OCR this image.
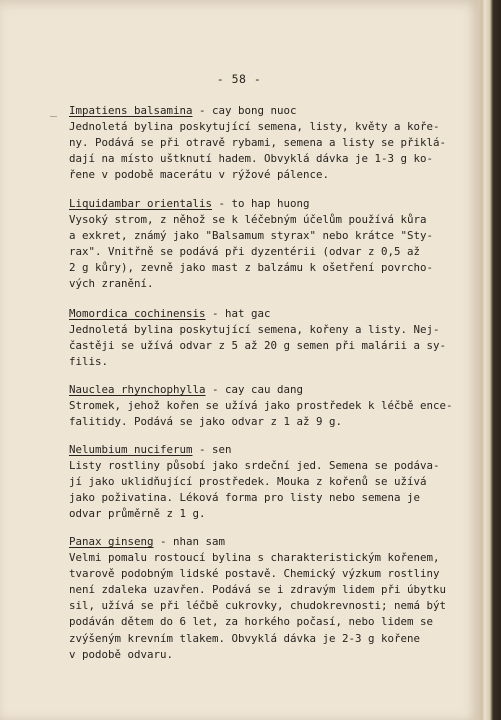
- 58 -
Impatiens balsamina - cay bong nuoc
Jednoletá bylina poskytující semena, listy, květy a koře-
ny. Podává se při otravě rybami, semena a listy se přiklá-
dají na místo uštknutí hadem. Obvyklá dávka je 1-3 g ko-
řene v podobě macerátu v rýžové pálence.
Liquidambar orientalis - to hap huong
Vysoký strom, z něhož se k léčebným účelům používá kůra
a exkret, známý jako "Balsamum styrax" nebo krátce "Sty-
rax". Vnitřně se podává při dyzentérii (odvar z 0,5 až
2 g kůry), zevně jako mast z balzámu k ošetření povrcho-
vých zranění.
Momordica cochinensis - hat gac
Jednoletá bylina poskytující semena, kořeny a listy. Nej-
častěji se užívá odvar z 5 až 20 g semen při malárii a sy-
filis.
Nauclea rhynchophylla - cay cau dang
Stromek, jehož kořen se užívá jako prostředek k léčbě ence-
falitidy. Podává se jako odvar z 1 až 9 g.
Nelumbium nuciferum - sen
Listy rostliny působí jako srdeční jed. Semena se podáva-
jí jako uklidňující prostředek. Mouka z kořenů se užívá
jako poživatina. Léková forma pro listy nebo semena je
odvar průměrně z 1 g.
Panax ginseng - nhan sam
Velmi pomalu rostoucí bylina s charakteristickým kořenem,
tvarově podobným lidské postavě. Chemický výzkum rostliny
není zdaleka uzavřen. Podává se i zdravým lidem při úbytku
sil, užívá se při léčbě cukrovky, chudokrevnosti; nemá být
podáván dětem do 6 let, za horkého počasí, nebo lidem se
zvýšeným krevním tlakem. Obvyklá dávka je 2-3 g kořene
v podobě odvaru.
